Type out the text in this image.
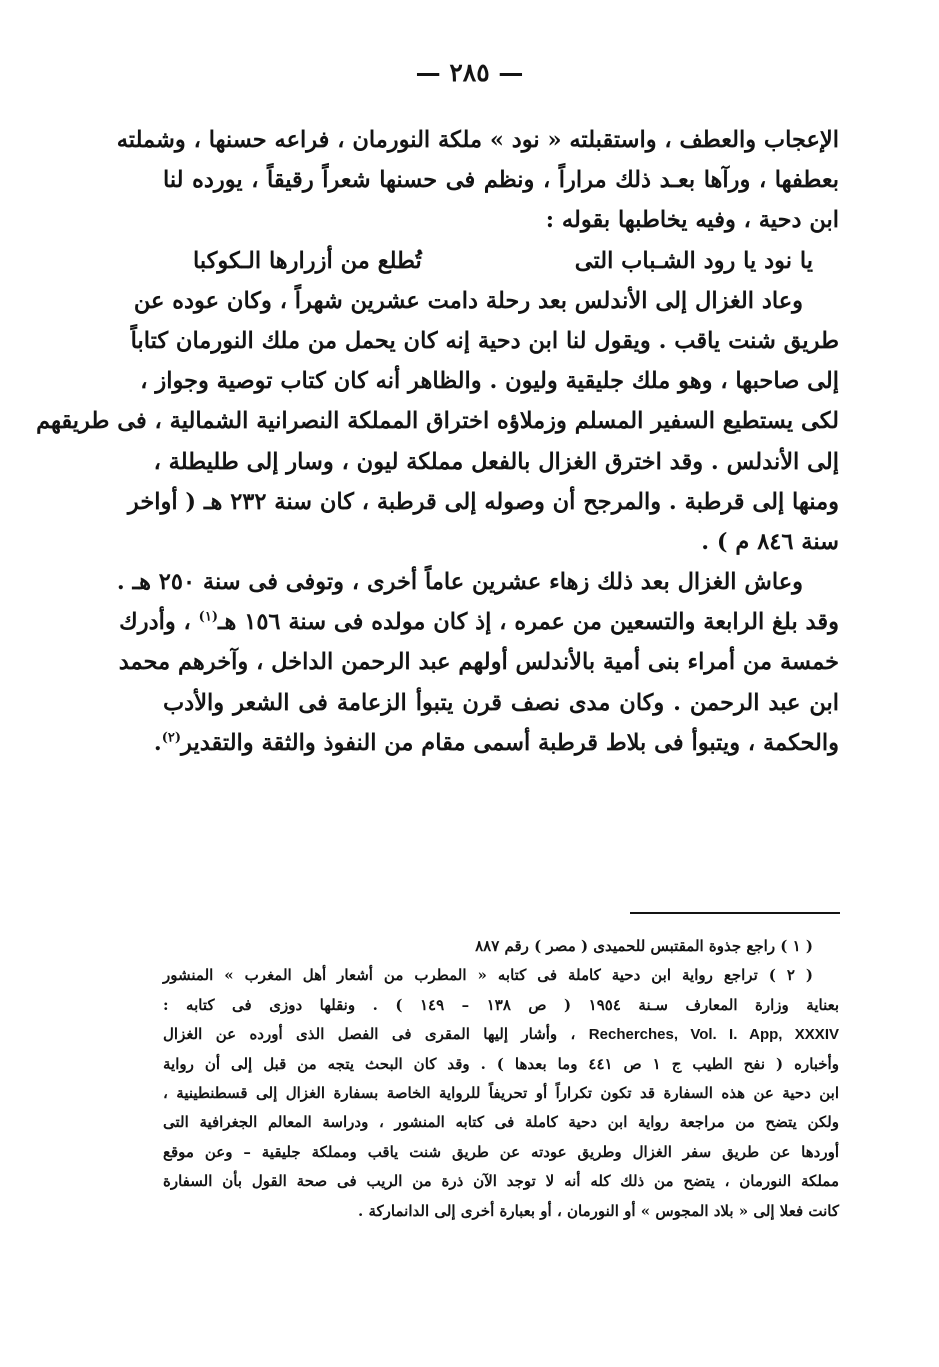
— ٢٨٥ —
الإعجاب والعطف ، واستقبلته « نود » ملكة النورمان ، فراعه حسنها ، وشملته
بعطفها ، ورآها بعـد ذلك مراراً ، ونظم فى حسنها شعراً رقيقاً ، يورده لنا
ابن دحية ، وفيه يخاطبها بقوله :
يا نود يا رود الشـباب التى
تُطلع من أزرارها الـكوكبا
وعاد الغزال إلى الأندلس بعد رحلة دامت عشرين شهراً ، وكان عوده عن
طريق شنت ياقب . ويقول لنا ابن دحية إنه كان يحمل من ملك النورمان كتاباً
إلى صاحبها ، وهو ملك جليقية وليون . والظاهر أنه كان كتاب توصية وجواز ،
لكى يستطيع السفير المسلم وزملاؤه اختراق المملكة النصرانية الشمالية ، فى طريقهم
إلى الأندلس . وقد اخترق الغزال بالفعل مملكة ليون ، وسار إلى طليطلة ،
ومنها إلى قرطبة . والمرجح أن وصوله إلى قرطبة ، كان سنة ٢٣٢ هـ ( أواخر
سنة ٨٤٦ م ) .
وعاش الغزال بعد ذلك زهاء عشرين عاماً أخرى ، وتوفى فى سنة ٢٥٠ هـ .
وقد بلغ الرابعة والتسعين من عمره ، إذ كان مولده فى سنة ١٥٦ هـ$^{(١)}$ ، وأدرك
خمسة من أمراء بنى أمية بالأندلس أولهم عبد الرحمن الداخل ، وآخرهم محمد
ابن عبد الرحمن . وكان مدى نصف قرن يتبوأ الزعامة فى الشعر والأدب
والحكمة ، ويتبوأ فى بلاط قرطبة أسمى مقام من النفوذ والثقة والتقدير$^{(٢)}$.
( ١ ) راجع جذوة المقتبس للحميدى ( مصر ) رقم ٨٨٧
( ٢ ) تراجع رواية ابن دحية كاملة فى كتابه « المطرب من أشعار أهل المغرب » المنشور
بعناية وزارة المعارف سـنة ١٩٥٤ ( ص ١٣٨ – ١٤٩ ) . ونقلها دوزى فى كتابه :
Recherches, Vol. I. App, XXXIV ، وأشار إليها المقرى فى الفصل الذى أورده عن الغزال
وأخباره ( نفح الطيب ج ١ ص ٤٤١ وما بعدها ) . وقد كان البحث يتجه من قبل إلى أن رواية
ابن دحية عن هذه السفارة قد تكون تكراراً أو تحريفاً للرواية الخاصة بسفارة الغزال إلى قسطنطينية ،
ولكن يتضح من مراجعة رواية ابن دحية كاملة فى كتابه المنشور ، ودراسة المعالم الجغرافية التى
أوردها عن طريق سفر الغزال وطريق عودته عن طريق شنت ياقب ومملكة جليقية – وعن موقع
مملكة النورمان ، يتضح من ذلك كله أنه لا توجد الآن ذرة من الريب فى صحة القول بأن السفارة
كانت فعلا إلى « بلاد المجوس » أو النورمان ، أو بعبارة أخرى إلى الدانماركة .
